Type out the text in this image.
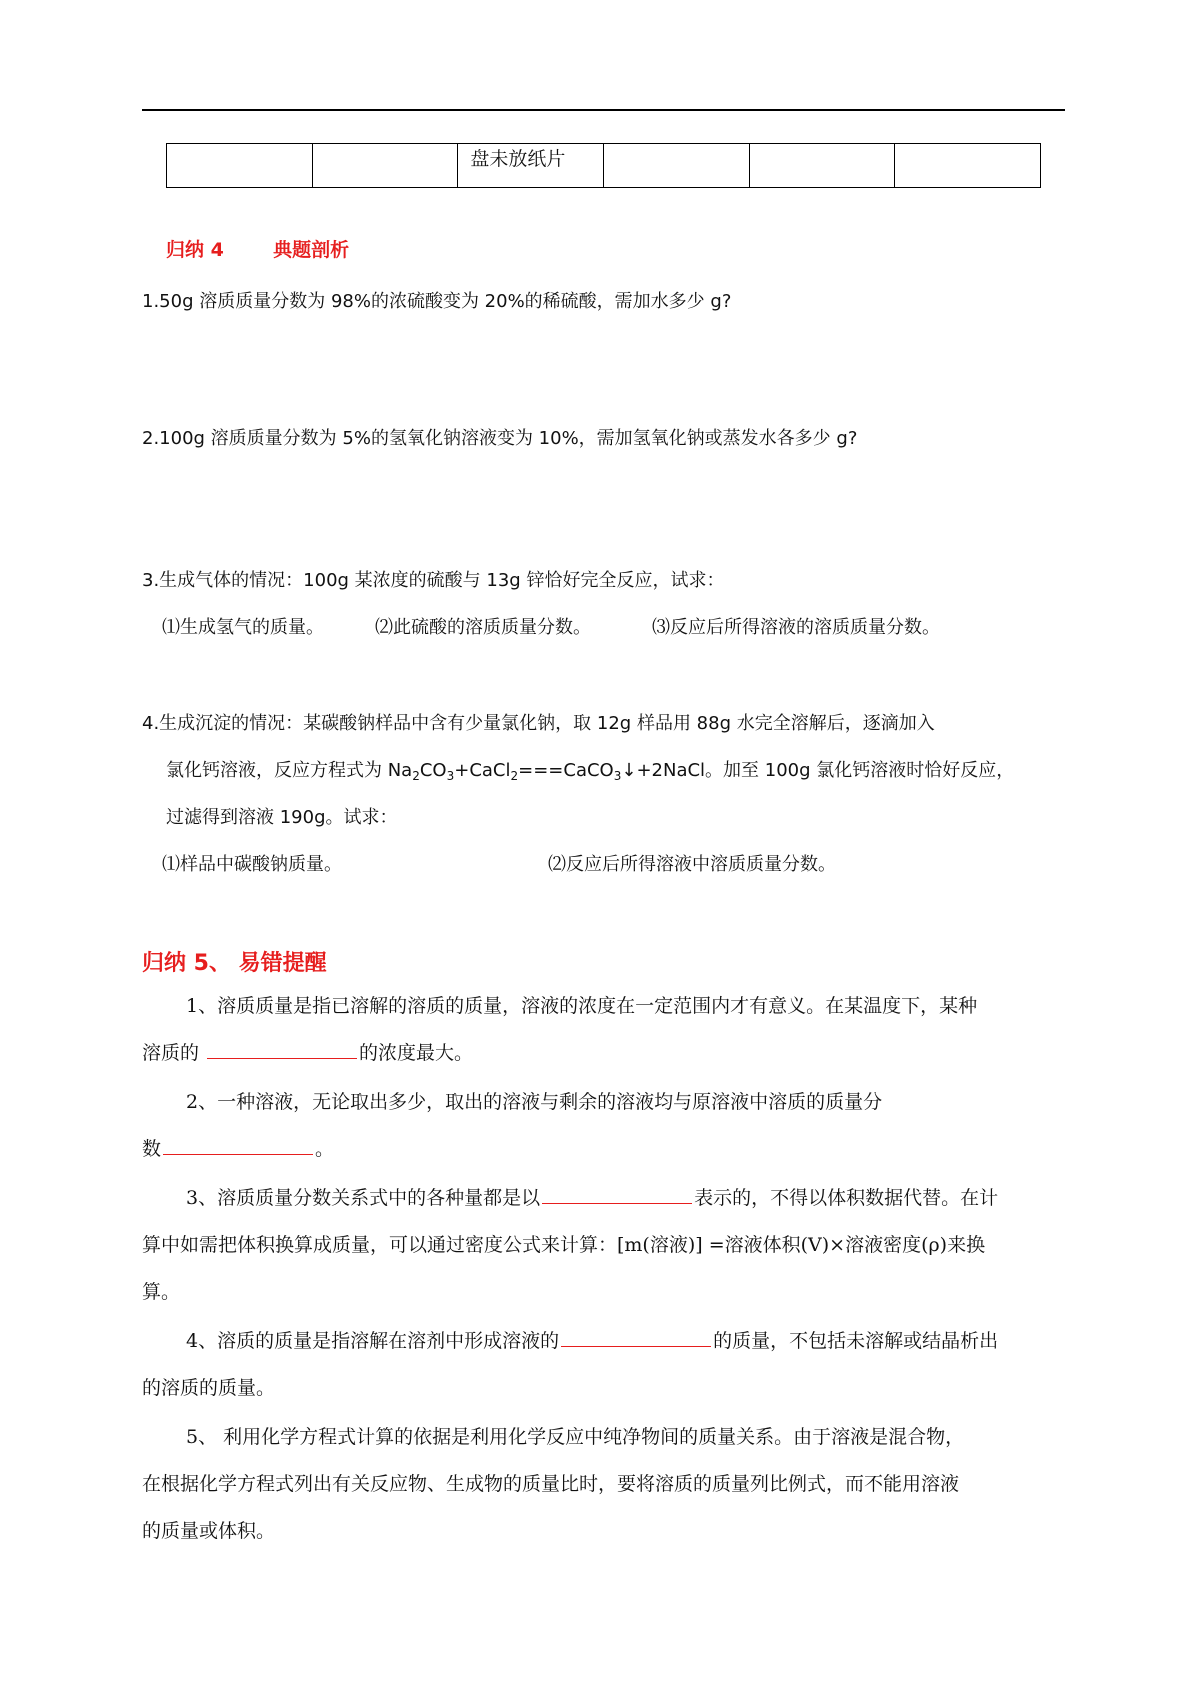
		盘未放纸片			
归纳 4	典题剖析
1.50g 溶质质量分数为 98%的浓硫酸变为 20%的稀硫酸，需加水多少 g?
2.100g 溶质质量分数为 5%的氢氧化钠溶液变为 10%，需加氢氧化钠或蒸发水各多少 g?
3.生成气体的情况：100g 某浓度的硫酸与 13g 锌恰好完全反应，试求：
⑴生成氢气的质量。	⑵此硫酸的溶质质量分数。	⑶反应后所得溶液的溶质质量分数。
4.生成沉淀的情况：某碳酸钠样品中含有少量氯化钠，取 12g 样品用 88g 水完全溶解后，逐滴加入
氯化钙溶液，反应方程式为 $Na_2CO_3+CaCl_2===CaCO_3↓+2NaCl$。加至 100g 氯化钙溶液时恰好反应，
过滤得到溶液 190g。试求：
⑴样品中碳酸钠质量。	⑵反应后所得溶液中溶质质量分数。
归纳 5、 易错提醒
1、溶质质量是指已溶解的溶质的质量，溶液的浓度在一定范围内才有意义。在某温度下，某种
溶质的	的浓度最大。
2、一种溶液，无论取出多少，取出的溶液与剩余的溶液均与原溶液中溶质的质量分
数	。
3、溶质质量分数关系式中的各种量都是以	表示的，不得以体积数据代替。在计
算中如需把体积换算成质量，可以通过密度公式来计算：[m(溶液)] =溶液体积(V)×溶液密度(ρ)来换
算。
4、溶质的质量是指溶解在溶剂中形成溶液的	的质量，不包括未溶解或结晶析出
的溶质的质量。
5、 利用化学方程式计算的依据是利用化学反应中纯净物间的质量关系。由于溶液是混合物，
在根据化学方程式列出有关反应物、生成物的质量比时，要将溶质的质量列比例式，而不能用溶液
的质量或体积。
